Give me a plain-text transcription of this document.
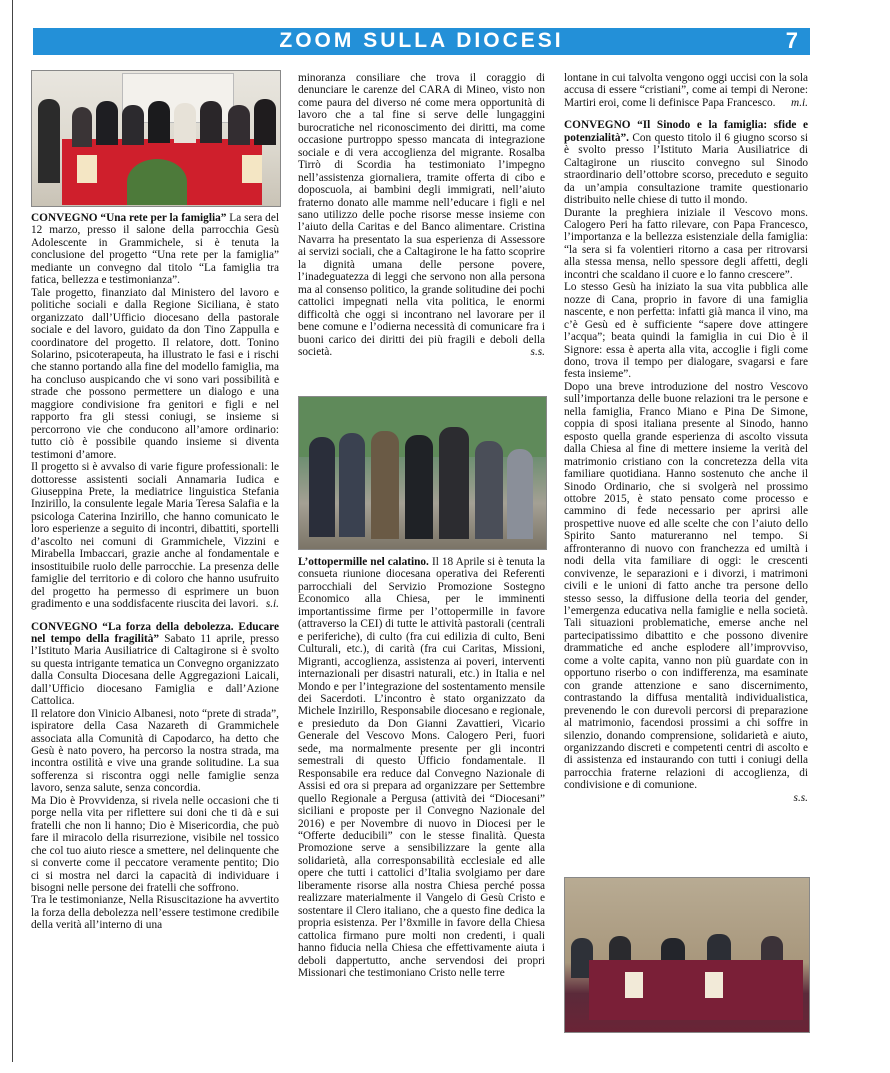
ZOOM SULLA DIOCESI	7

CONVEGNO “Una rete per la famiglia” La sera del 12 marzo, presso il salone della parrocchia Gesù Adolescente in Grammichele, si è tenuta la conclusione del progetto “Una rete per la famiglia” mediante un convegno dal titolo “La famiglia tra fatica, bellezza e testimonianza”.

Tale progetto, finanziato dal Ministero del lavoro e politiche sociali e dalla Regione Siciliana, è stato organizzato dall’Ufficio diocesano della pastorale sociale e del lavoro, guidato da don Tino Zappulla e coordinatore del progetto. Il relatore, dott. Tonino Solarino, psicoterapeuta, ha illustrato le fasi e i rischi che stanno portando alla fine del modello famiglia, ma ha concluso auspicando che vi sono vari possibilità e strade che possono permettere un dialogo e una maggiore condivisione fra genitori e figli e nel rapporto fra gli stessi coniugi, se insieme si percorrono vie che conducono all’amore ordinario: tutto ciò è possibile quando insieme si diventa testimoni d’amore.

Il progetto si è avvalso di varie figure professionali: le dottoresse assistenti sociali Annamaria Iudica e Giuseppina Prete, la mediatrice linguistica Stefania Inzirillo, la consulente legale Maria Teresa Salafia e la psicologa Caterina Inzirillo, che hanno comunicato le loro esperienze a seguito di incontri, dibattiti, sportelli d’ascolto nei comuni di Grammichele, Vizzini e Mirabella Imbaccari, grazie anche al fondamentale e insostituibile ruolo delle parrocchie. La presenza delle famiglie del territorio e di coloro che hanno usufruito del progetto ha permesso di esprimere un buon gradimento e una soddisfacente riuscita dei lavori. s.i.

CONVEGNO “La forza della debolezza. Educare nel tempo della fragilità” Sabato 11 aprile, presso l’Istituto Maria Ausiliatrice di Caltagirone si è svolto su questa intrigante tematica un Convegno organizzato dalla Consulta Diocesana delle Aggregazioni Laicali, dall’Ufficio diocesano Famiglia e dall’Azione Cattolica.

Il relatore don Vinicio Albanesi, noto “prete di strada”, ispiratore della Casa Nazareth di Grammichele associata alla Comunità di Capodarco, ha detto che Gesù è nato povero, ha percorso la nostra strada, ma incontra ostilità e vive una grande solitudine. La sua sofferenza si riscontra oggi nelle famiglie senza lavoro, senza salute, senza concordia.

Ma Dio è Provvidenza, si rivela nelle occasioni che ti porge nella vita per riflettere sui doni che ti dà e sui fratelli che non li hanno; Dio è Misericordia, che può fare il miracolo della risurrezione, visibile nel tossico che col tuo aiuto riesce a smettere, nel delinquente che si converte come il peccatore veramente pentito; Dio ci si mostra nel darci la capacità di individuare i bisogni nelle persone dei fratelli che soffrono.

Tra le testimonianze, Nella Risuscitazione ha avvertito la forza della debolezza nell’essere testimone credibile della verità all’interno di una

minoranza consiliare che trova il coraggio di denunciare le carenze del CARA di Mineo, visto non come paura del diverso né come mera opportunità di lavoro che a tal fine si serve delle lungaggini burocratiche nel riconoscimento dei diritti, ma come occasione purtroppo spesso mancata di integrazione sociale e di vera accoglienza del migrante. Rosalba Tirrò di Scordia ha testimoniato l’impegno nell’assistenza giornaliera, tramite offerta di cibo e doposcuola, ai bambini degli immigrati, nell’aiuto fraterno donato alle mamme nell’educare i figli e nel sano utilizzo delle poche risorse messe insieme con l’aiuto della Caritas e del Banco alimentare. Cristina Navarra ha presentato la sua esperienza di Assessore ai servizi sociali, che a Caltagirone le ha fatto scoprire la dignità umana delle persone povere, l’inadeguatezza di leggi che servono non alla persona ma al consenso politico, la grande solitudine dei pochi cattolici impegnati nella vita politica, le enormi difficoltà che oggi si incontrano nel lavorare per il bene comune e l’odierna necessità di comunicare fra i buoni carico dei diritti dei più fragili e deboli della società.	s.s.

L’ottopermille nel calatino. Il 18 Aprile si è tenuta la consueta riunione diocesana operativa dei Referenti parrocchiali del Servizio Promozione Sostegno Economico alla Chiesa, per le imminenti importantissime firme per l’ottopermille in favore (attraverso la CEI) di tutte le attività pastorali (centrali e periferiche), di culto (fra cui edilizia di culto, Beni Culturali, etc.), di carità (fra cui Caritas, Missioni, Migranti, accoglienza, assistenza ai poveri, interventi internazionali per disastri naturali, etc.) in Italia e nel Mondo e per l’integrazione del sostentamento mensile dei Sacerdoti. L’incontro è stato organizzato da Michele Inzirillo, Responsabile diocesano e regionale, e presieduto da Don Gianni Zavattieri, Vicario Generale del Vescovo Mons. Calogero Peri, fuori sede, ma normalmente presente per gli incontri semestrali di questo Ufficio fondamentale. Il Responsabile era reduce dal Convegno Nazionale di Assisi ed ora si prepara ad organizzare per Settembre quello Regionale a Pergusa (attività dei “Diocesani” siciliani e proposte per il Convegno Nazionale del 2016) e per Novembre di nuovo in Diocesi per le “Offerte deducibili” con le stesse finalità. Questa Promozione serve a sensibilizzare la gente alla solidarietà, alla corresponsabilità ecclesiale ed alle opere che tutti i cattolici d’Italia svolgiamo per dare liberamente risorse alla nostra Chiesa perché possa realizzare materialmente il Vangelo di Gesù Cristo e sostentare il Clero italiano, che a questo fine dedica la propria esistenza. Per l’8xmille in favore della Chiesa cattolica firmano pure molti non credenti, i quali hanno fiducia nella Chiesa che effettivamente aiuta i deboli dappertutto, anche servendosi dei propri Missionari che testimoniano Cristo nelle terre

lontane in cui talvolta vengono oggi uccisi con la sola accusa di essere “cristiani”, come ai tempi di Nerone: Martiri eroi, come li definisce Papa Francesco. m.i.

CONVEGNO “Il Sinodo e la famiglia: sfide e potenzialità”. Con questo titolo il 6 giugno scorso si è svolto presso l’Istituto Maria Ausiliatrice di Caltagirone un riuscito convegno sul Sinodo straordinario dell’ottobre scorso, preceduto e seguito da un’ampia consultazione tramite questionario distribuito nelle chiese di tutto il mondo.

Durante la preghiera iniziale il Vescovo mons. Calogero Peri ha fatto rilevare, con Papa Francesco, l’importanza e la bellezza esistenziale della famiglia: “la sera si fa volentieri ritorno a casa per ritrovarsi alla stessa mensa, nello spessore degli affetti, degli incontri che scaldano il cuore e lo fanno crescere”.

Lo stesso Gesù ha iniziato la sua vita pubblica alle nozze di Cana, proprio in favore di una famiglia nascente, e non perfetta: infatti già manca il vino, ma c’è Gesù ed è sufficiente “sapere dove attingere l’acqua”; beata quindi la famiglia in cui Dio è il Signore: essa è aperta alla vita, accoglie i figli come dono, trova il tempo per dialogare, svagarsi e fare festa insieme”.

Dopo una breve introduzione del nostro Vescovo sull’importanza delle buone relazioni tra le persone e nella famiglia, Franco Miano e Pina De Simone, coppia di sposi italiana presente al Sinodo, hanno esposto quella grande esperienza di ascolto vissuta dalla Chiesa al fine di mettere insieme la verità del matrimonio cristiano con la concretezza della vita familiare quotidiana. Hanno sostenuto che anche il Sinodo Ordinario, che si svolgerà nel prossimo ottobre 2015, è stato pensato come processo e cammino di fede necessario per aprirsi alle prospettive nuove ed alle scelte che con l’aiuto dello Spirito Santo matureranno nel tempo. Si affronteranno di nuovo con franchezza ed umiltà i nodi della vita familiare di oggi: le crescenti convivenze, le separazioni e i divorzi, i matrimoni civili e le unioni di fatto anche tra persone dello stesso sesso, la diffusione della teoria del gender, l’emergenza educativa nella famiglie e nella società. Tali situazioni problematiche, emerse anche nel partecipatissimo dibattito e che possono divenire drammatiche ed anche esplodere all’improvviso, come a volte capita, vanno non più guardate con in opportuno riserbo o con indifferenza, ma esaminate con grande attenzione e sano discernimento, contrastando la diffusa mentalità individualistica, prevenendo le con durevoli percorsi di preparazione al matrimonio, facendosi prossimi a chi soffre in silenzio, donando comprensione, solidarietà e aiuto, organizzando discreti e competenti centri di ascolto e di assistenza ed instaurando con tutti i coniugi della parrocchia fraterne relazioni di accoglienza, di condivisione e di comunione.

s.s.
